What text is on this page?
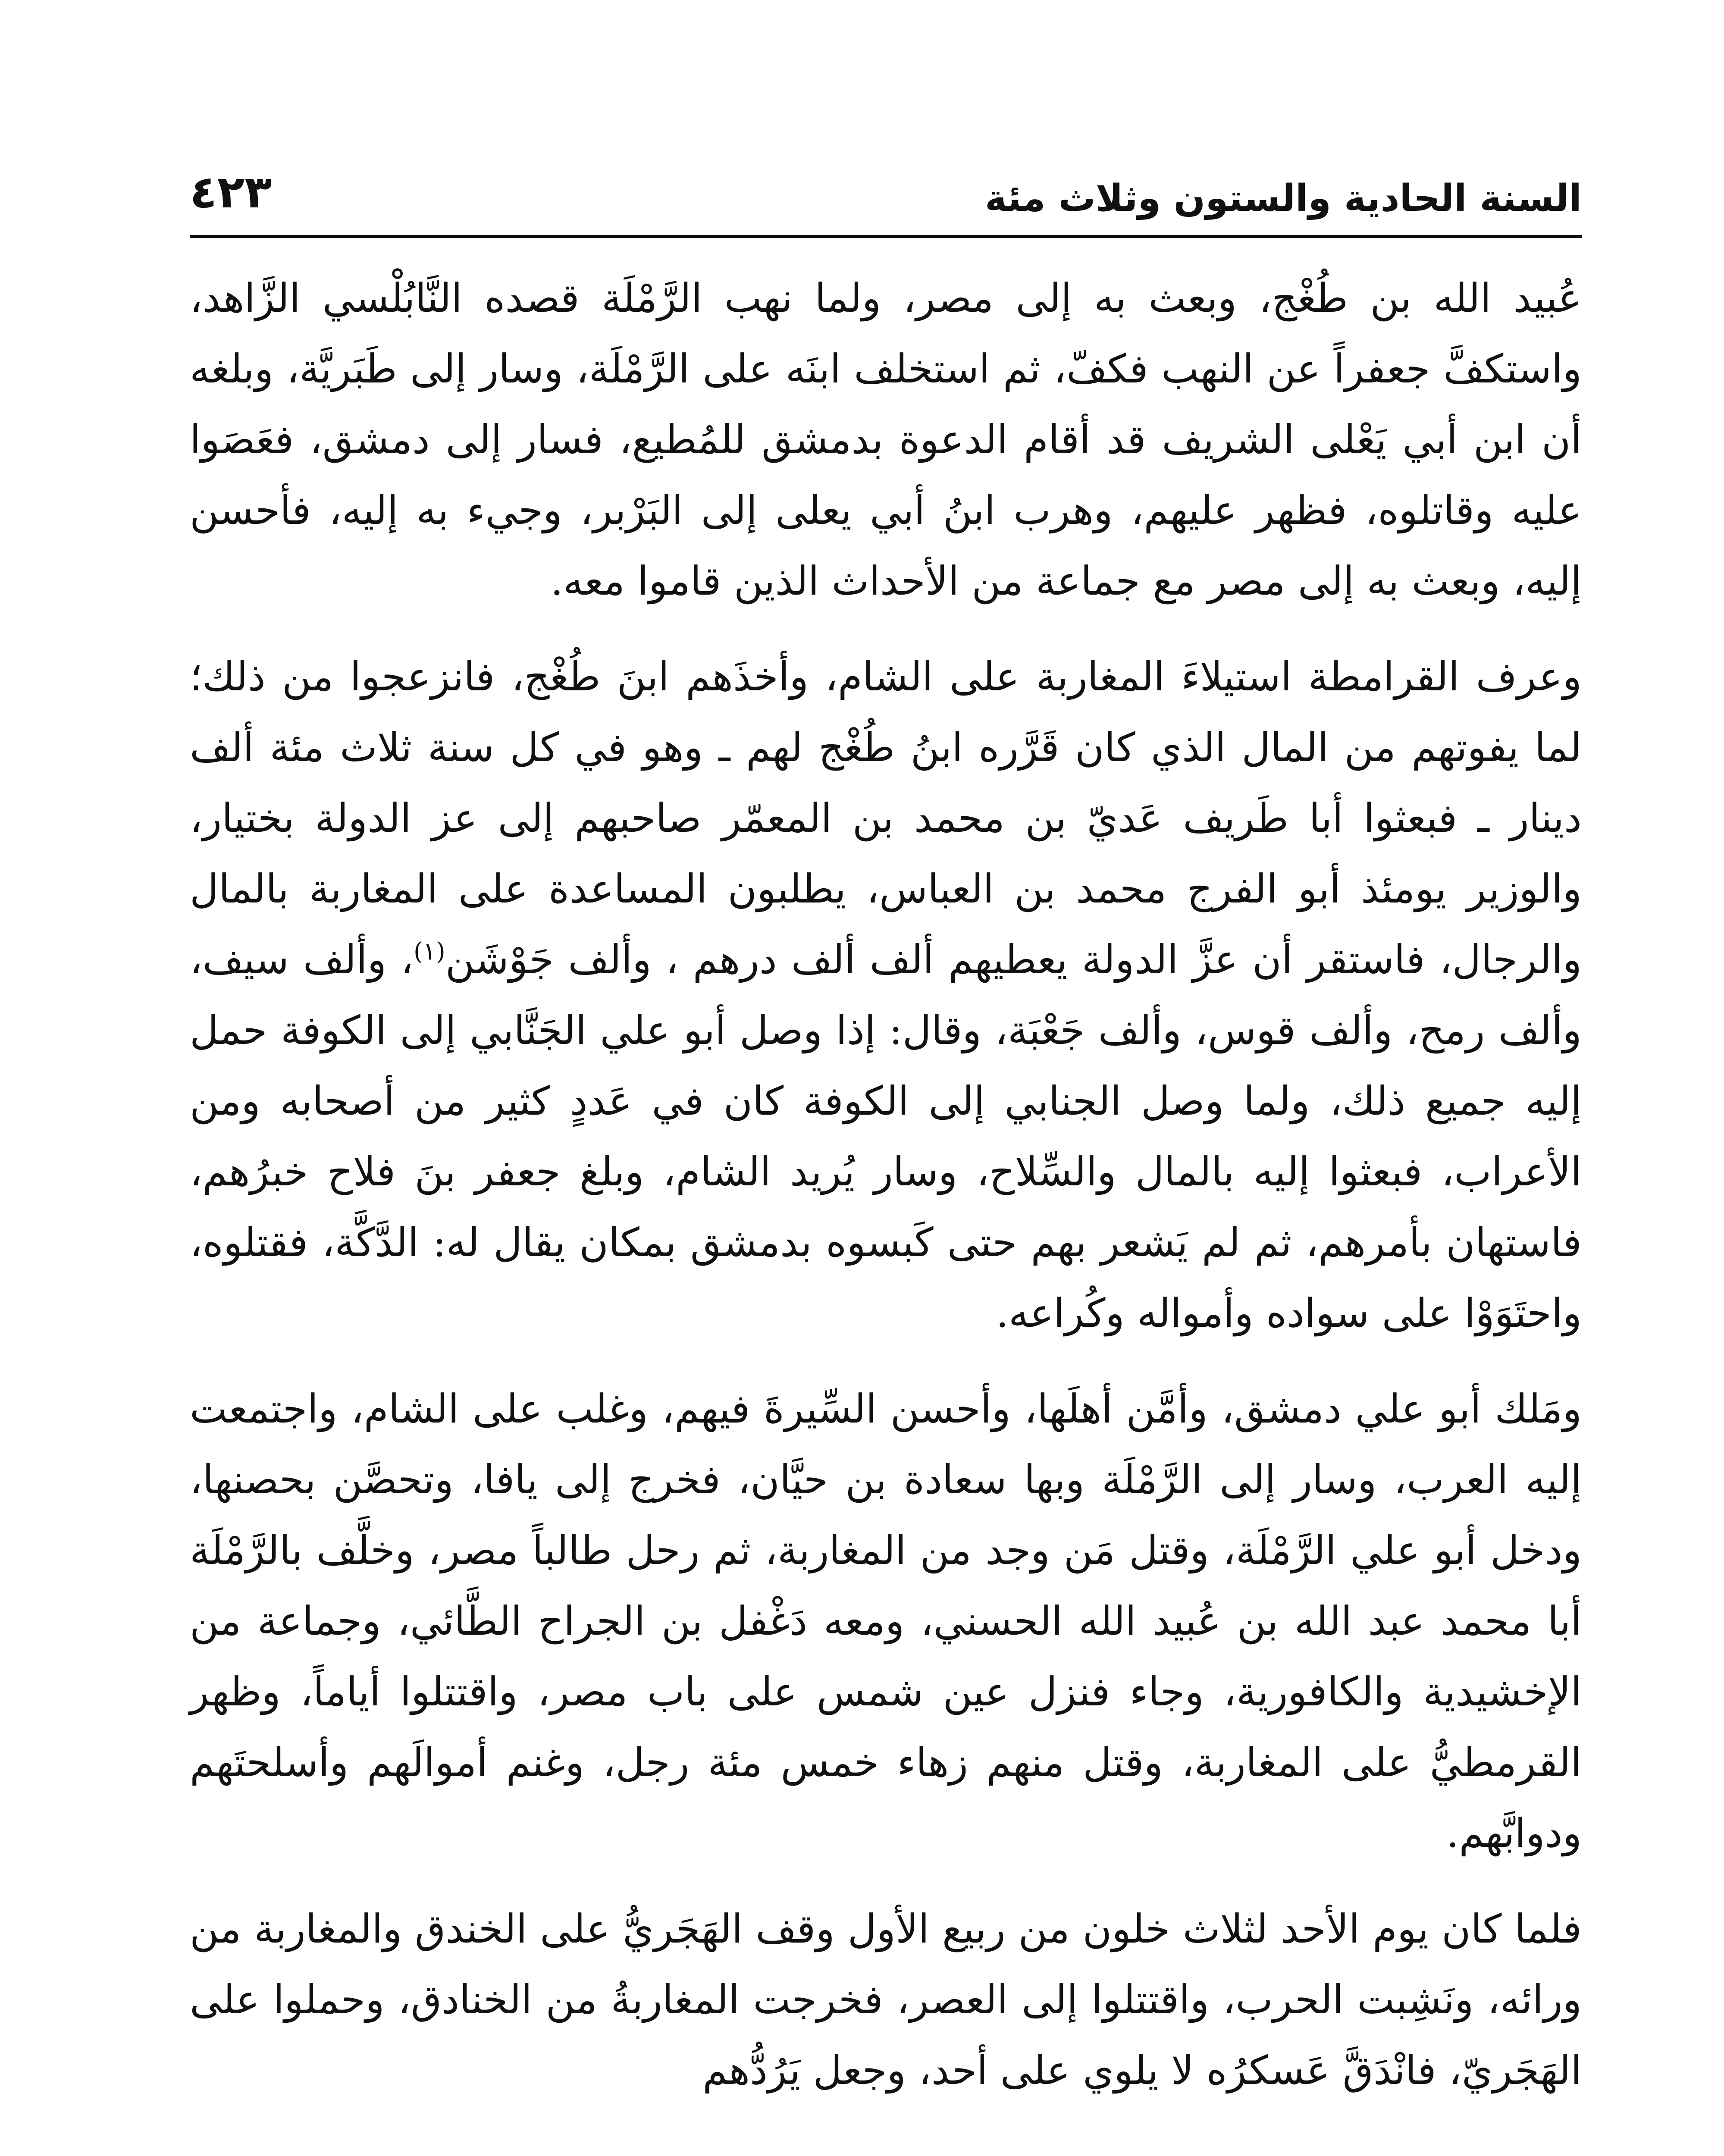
السنة الحادية والستون وثلاث مئة
٤٢٣

عُبيد الله بن طُغْج، وبعث به إلى مصر، ولما نهب الرَّمْلَة قصده النَّابُلْسي الزَّاهد، واستكفَّ جعفراً عن النهب فكفّ، ثم استخلف ابنَه على الرَّمْلَة، وسار إلى طَبَريَّة، وبلغه أن ابن أبي يَعْلى الشريف قد أقام الدعوة بدمشق للمُطيع، فسار إلى دمشق، فعَصَوا عليه وقاتلوه، فظهر عليهم، وهرب ابنُ أبي يعلى إلى البَرْبر، وجيء به إليه، فأحسن إليه، وبعث به إلى مصر مع جماعة من الأحداث الذين قاموا معه.

وعرف القرامطة استيلاءَ المغاربة على الشام، وأخذَهم ابنَ طُغْج، فانزعجوا من ذلك؛ لما يفوتهم من المال الذي كان قَرَّره ابنُ طُغْج لهم ـ وهو في كل سنة ثلاث مئة ألف دينار ـ فبعثوا أبا طَريف عَديّ بن محمد بن المعمّر صاحبهم إلى عز الدولة بختيار، والوزير يومئذ أبو الفرج محمد بن العباس، يطلبون المساعدة على المغاربة بالمال والرجال، فاستقر أن عزَّ الدولة يعطيهم ألف ألف درهم ، وألف جَوْشَن$^{(١)}$، وألف سيف، وألف رمح، وألف قوس، وألف جَعْبَة، وقال: إذا وصل أبو علي الجَنَّابي إلى الكوفة حمل إليه جميع ذلك، ولما وصل الجنابي إلى الكوفة كان في عَددٍ كثير من أصحابه ومن الأعراب، فبعثوا إليه بالمال والسِّلاح، وسار يُريد الشام، وبلغ جعفر بنَ فلاح خبرُهم، فاستهان بأمرهم، ثم لم يَشعر بهم حتى كَبسوه بدمشق بمكان يقال له: الدَّكَّة، فقتلوه، واحتَوَوْا على سواده وأمواله وكُراعه.

ومَلك أبو علي دمشق، وأمَّن أهلَها، وأحسن السِّيرةَ فيهم، وغلب على الشام، واجتمعت إليه العرب، وسار إلى الرَّمْلَة وبها سعادة بن حيَّان، فخرج إلى يافا، وتحصَّن بحصنها، ودخل أبو علي الرَّمْلَة، وقتل مَن وجد من المغاربة، ثم رحل طالباً مصر، وخلَّف بالرَّمْلَة أبا محمد عبد الله بن عُبيد الله الحسني، ومعه دَغْفل بن الجراح الطَّائي، وجماعة من الإخشيدية والكافورية، وجاء فنزل عين شمس على باب مصر، واقتتلوا أياماً، وظهر القرمطيُّ على المغاربة، وقتل منهم زهاء خمس مئة رجل، وغنم أموالَهم وأسلحتَهم ودوابَّهم.

فلما كان يوم الأحد لثلاث خلون من ربيع الأول وقف الهَجَريُّ على الخندق والمغاربة من ورائه، ونَشِبت الحرب، واقتتلوا إلى العصر، فخرجت المغاربةُ من الخنادق، وحملوا على الهَجَريّ، فانْدَقَّ عَسكرُه لا يلوي على أحد، وجعل يَرُدُّهم
